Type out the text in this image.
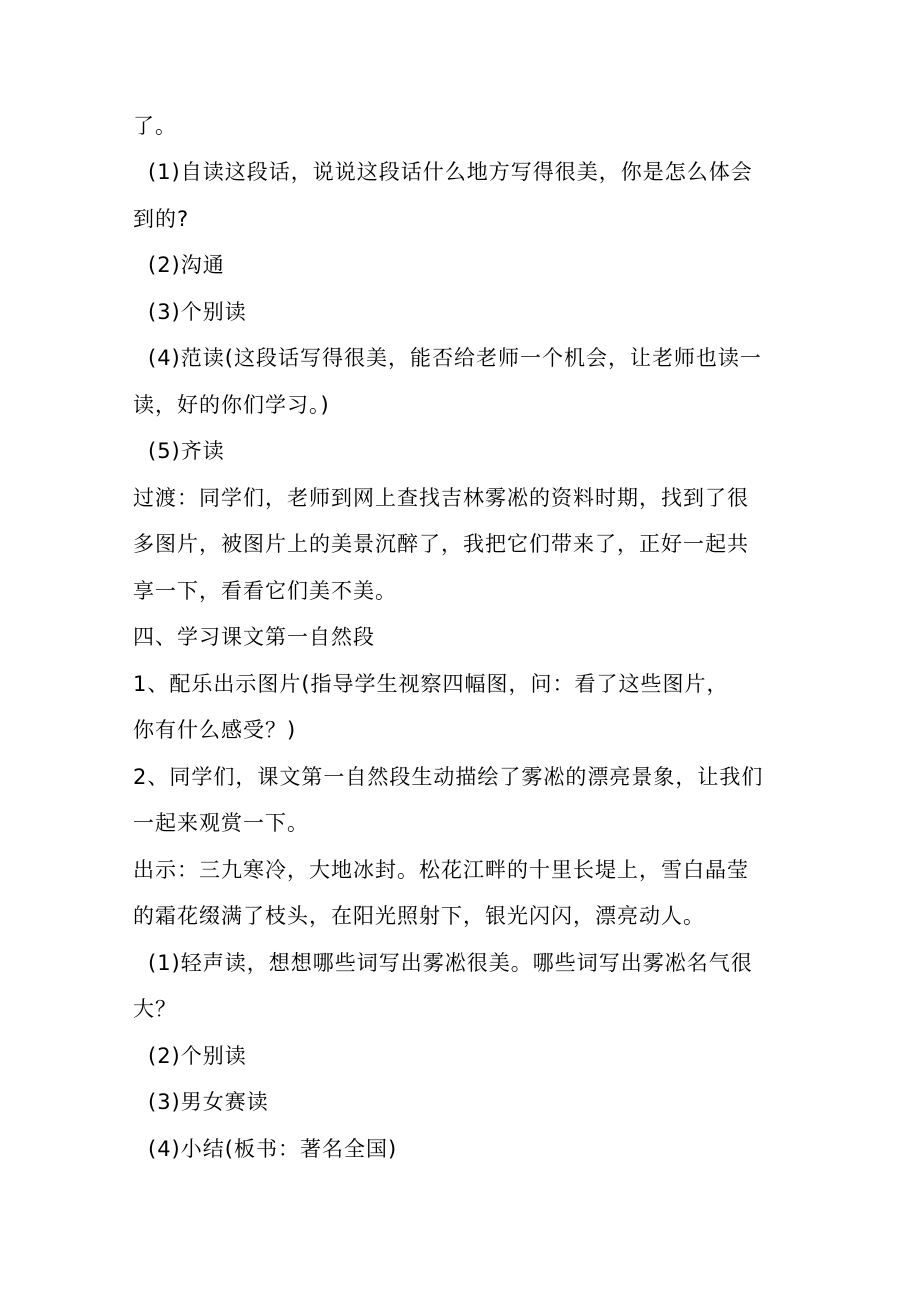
了。
(1)自读这段话，说说这段话什么地方写得很美，你是怎么体会
到的?
(2)沟通
(3)个别读
(4)范读(这段话写得很美，能否给老师一个机会，让老师也读一
读，好的你们学习。)
(5)齐读
过渡：同学们，老师到网上查找吉林雾凇的资料时期，找到了很
多图片，被图片上的美景沉醉了，我把它们带来了，正好一起共
享一下，看看它们美不美。
四、学习课文第一自然段
1、配乐出示图片(指导学生视察四幅图，问：看了这些图片，
你有什么感受？)
2、同学们，课文第一自然段生动描绘了雾凇的漂亮景象，让我们
一起来观赏一下。
出示：三九寒冷，大地冰封。松花江畔的十里长堤上，雪白晶莹
的霜花缀满了枝头，在阳光照射下，银光闪闪，漂亮动人。
(1)轻声读，想想哪些词写出雾凇很美。哪些词写出雾凇名气很
大？
(2)个别读
(3)男女赛读
(4)小结(板书：著名全国)
